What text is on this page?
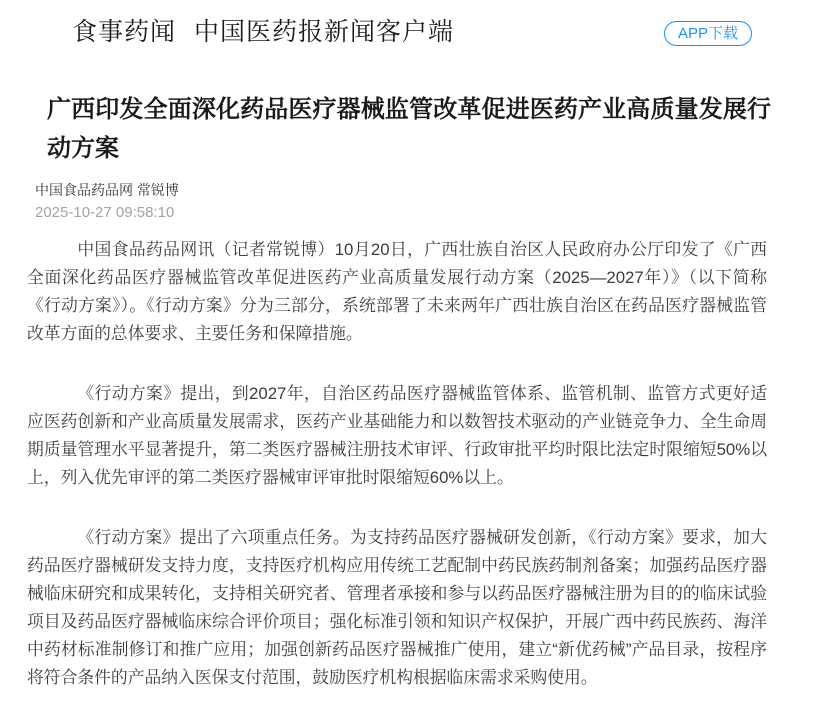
食事药闻 中国医药报新闻客户端	APP下载
广西印发全面深化药品医疗器械监管改革促进医药产业高质量发展行动方案
中国食品药品网 常锐博
2025-10-27 09:58:10

中国食品药品网讯（记者常锐博）10月20日，广西壮族自治区人民政府办公厅印发了《广西全面深化药品医疗器械监管改革促进医药产业高质量发展行动方案（2025—2027年）》（以下简称《行动方案》）。《行动方案》分为三部分，系统部署了未来两年广西壮族自治区在药品医疗器械监管改革方面的总体要求、主要任务和保障措施。

《行动方案》提出，到2027年，自治区药品医疗器械监管体系、监管机制、监管方式更好适应医药创新和产业高质量发展需求，医药产业基础能力和以数智技术驱动的产业链竞争力、全生命周期质量管理水平显著提升，第二类医疗器械注册技术审评、行政审批平均时限比法定时限缩短50%以上，列入优先审评的第二类医疗器械审评审批时限缩短60%以上。

《行动方案》提出了六项重点任务。为支持药品医疗器械研发创新，《行动方案》要求，加大药品医疗器械研发支持力度，支持医疗机构应用传统工艺配制中药民族药制剂备案；加强药品医疗器械临床研究和成果转化，支持相关研究者、管理者承接和参与以药品医疗器械注册为目的的临床试验项目及药品医疗器械临床综合评价项目；强化标准引领和知识产权保护，开展广西中药民族药、海洋中药材标准制修订和推广应用；加强创新药品医疗器械推广使用，建立“新优药械”产品目录，按程序将符合条件的产品纳入医保支付范围，鼓励医疗机构根据临床需求采购使用。
